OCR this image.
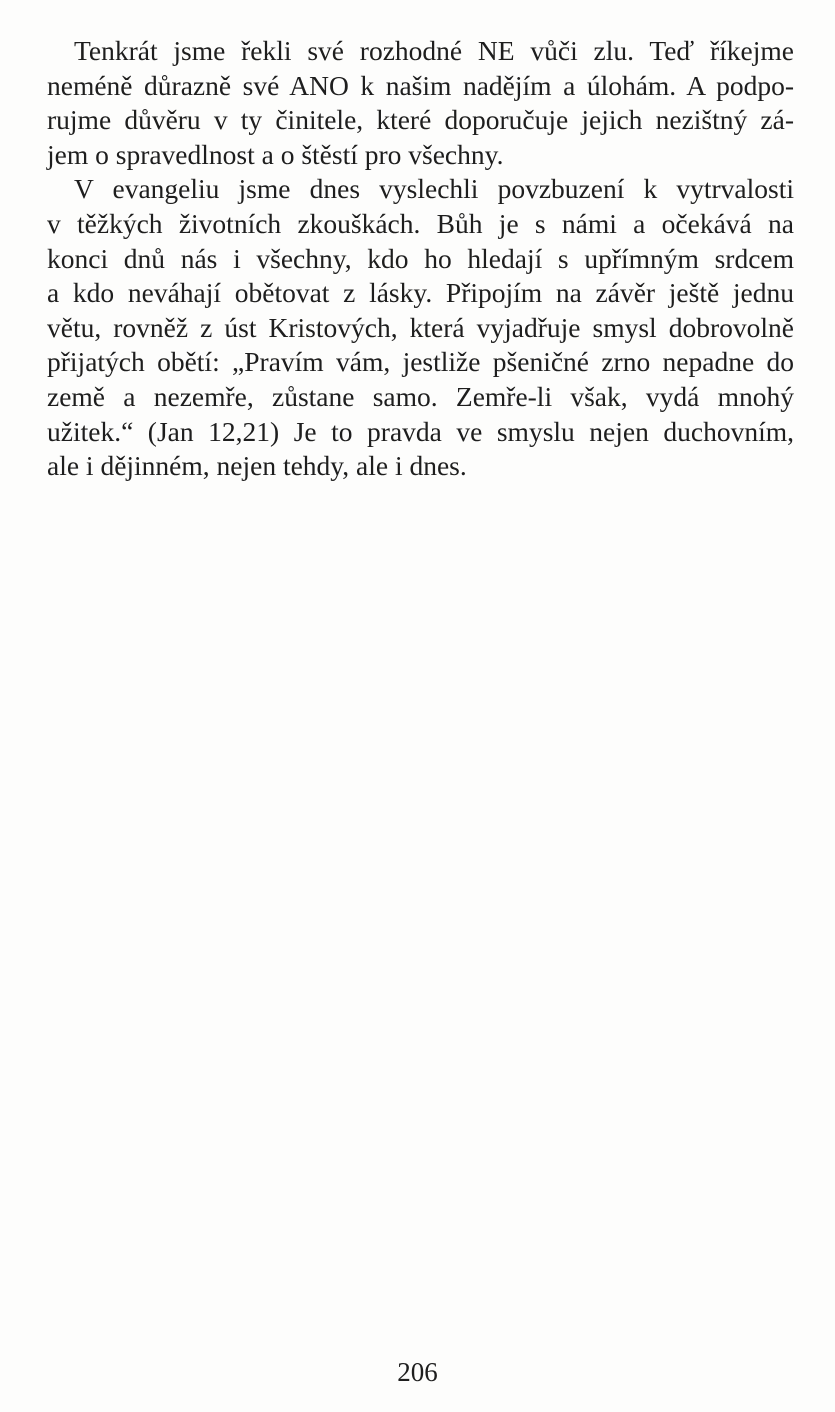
Tenkrát jsme řekli své rozhodné NE vůči zlu. Teď říkejme
neméně důrazně své ANO k našim nadějím a úlohám. A podpo-
rujme důvěru v ty činitele, které doporučuje jejich nezištný zá-
jem o spravedlnost a o štěstí pro všechny.

V evangeliu jsme dnes vyslechli povzbuzení k vytrvalosti
v těžkých životních zkouškách. Bůh je s námi a očekává na
konci dnů nás i všechny, kdo ho hledají s upřímným srdcem
a kdo neváhají obětovat z lásky. Připojím na závěr ještě jednu
větu, rovněž z úst Kristových, která vyjadřuje smysl dobrovolně
přijatých obětí: „Pravím vám, jestliže pšeničné zrno nepadne do
země a nezemře, zůstane samo. Zemře-li však, vydá mnohý
užitek.“ (Jan 12,21) Je to pravda ve smyslu nejen duchovním,
ale i dějinném, nejen tehdy, ale i dnes.

206
